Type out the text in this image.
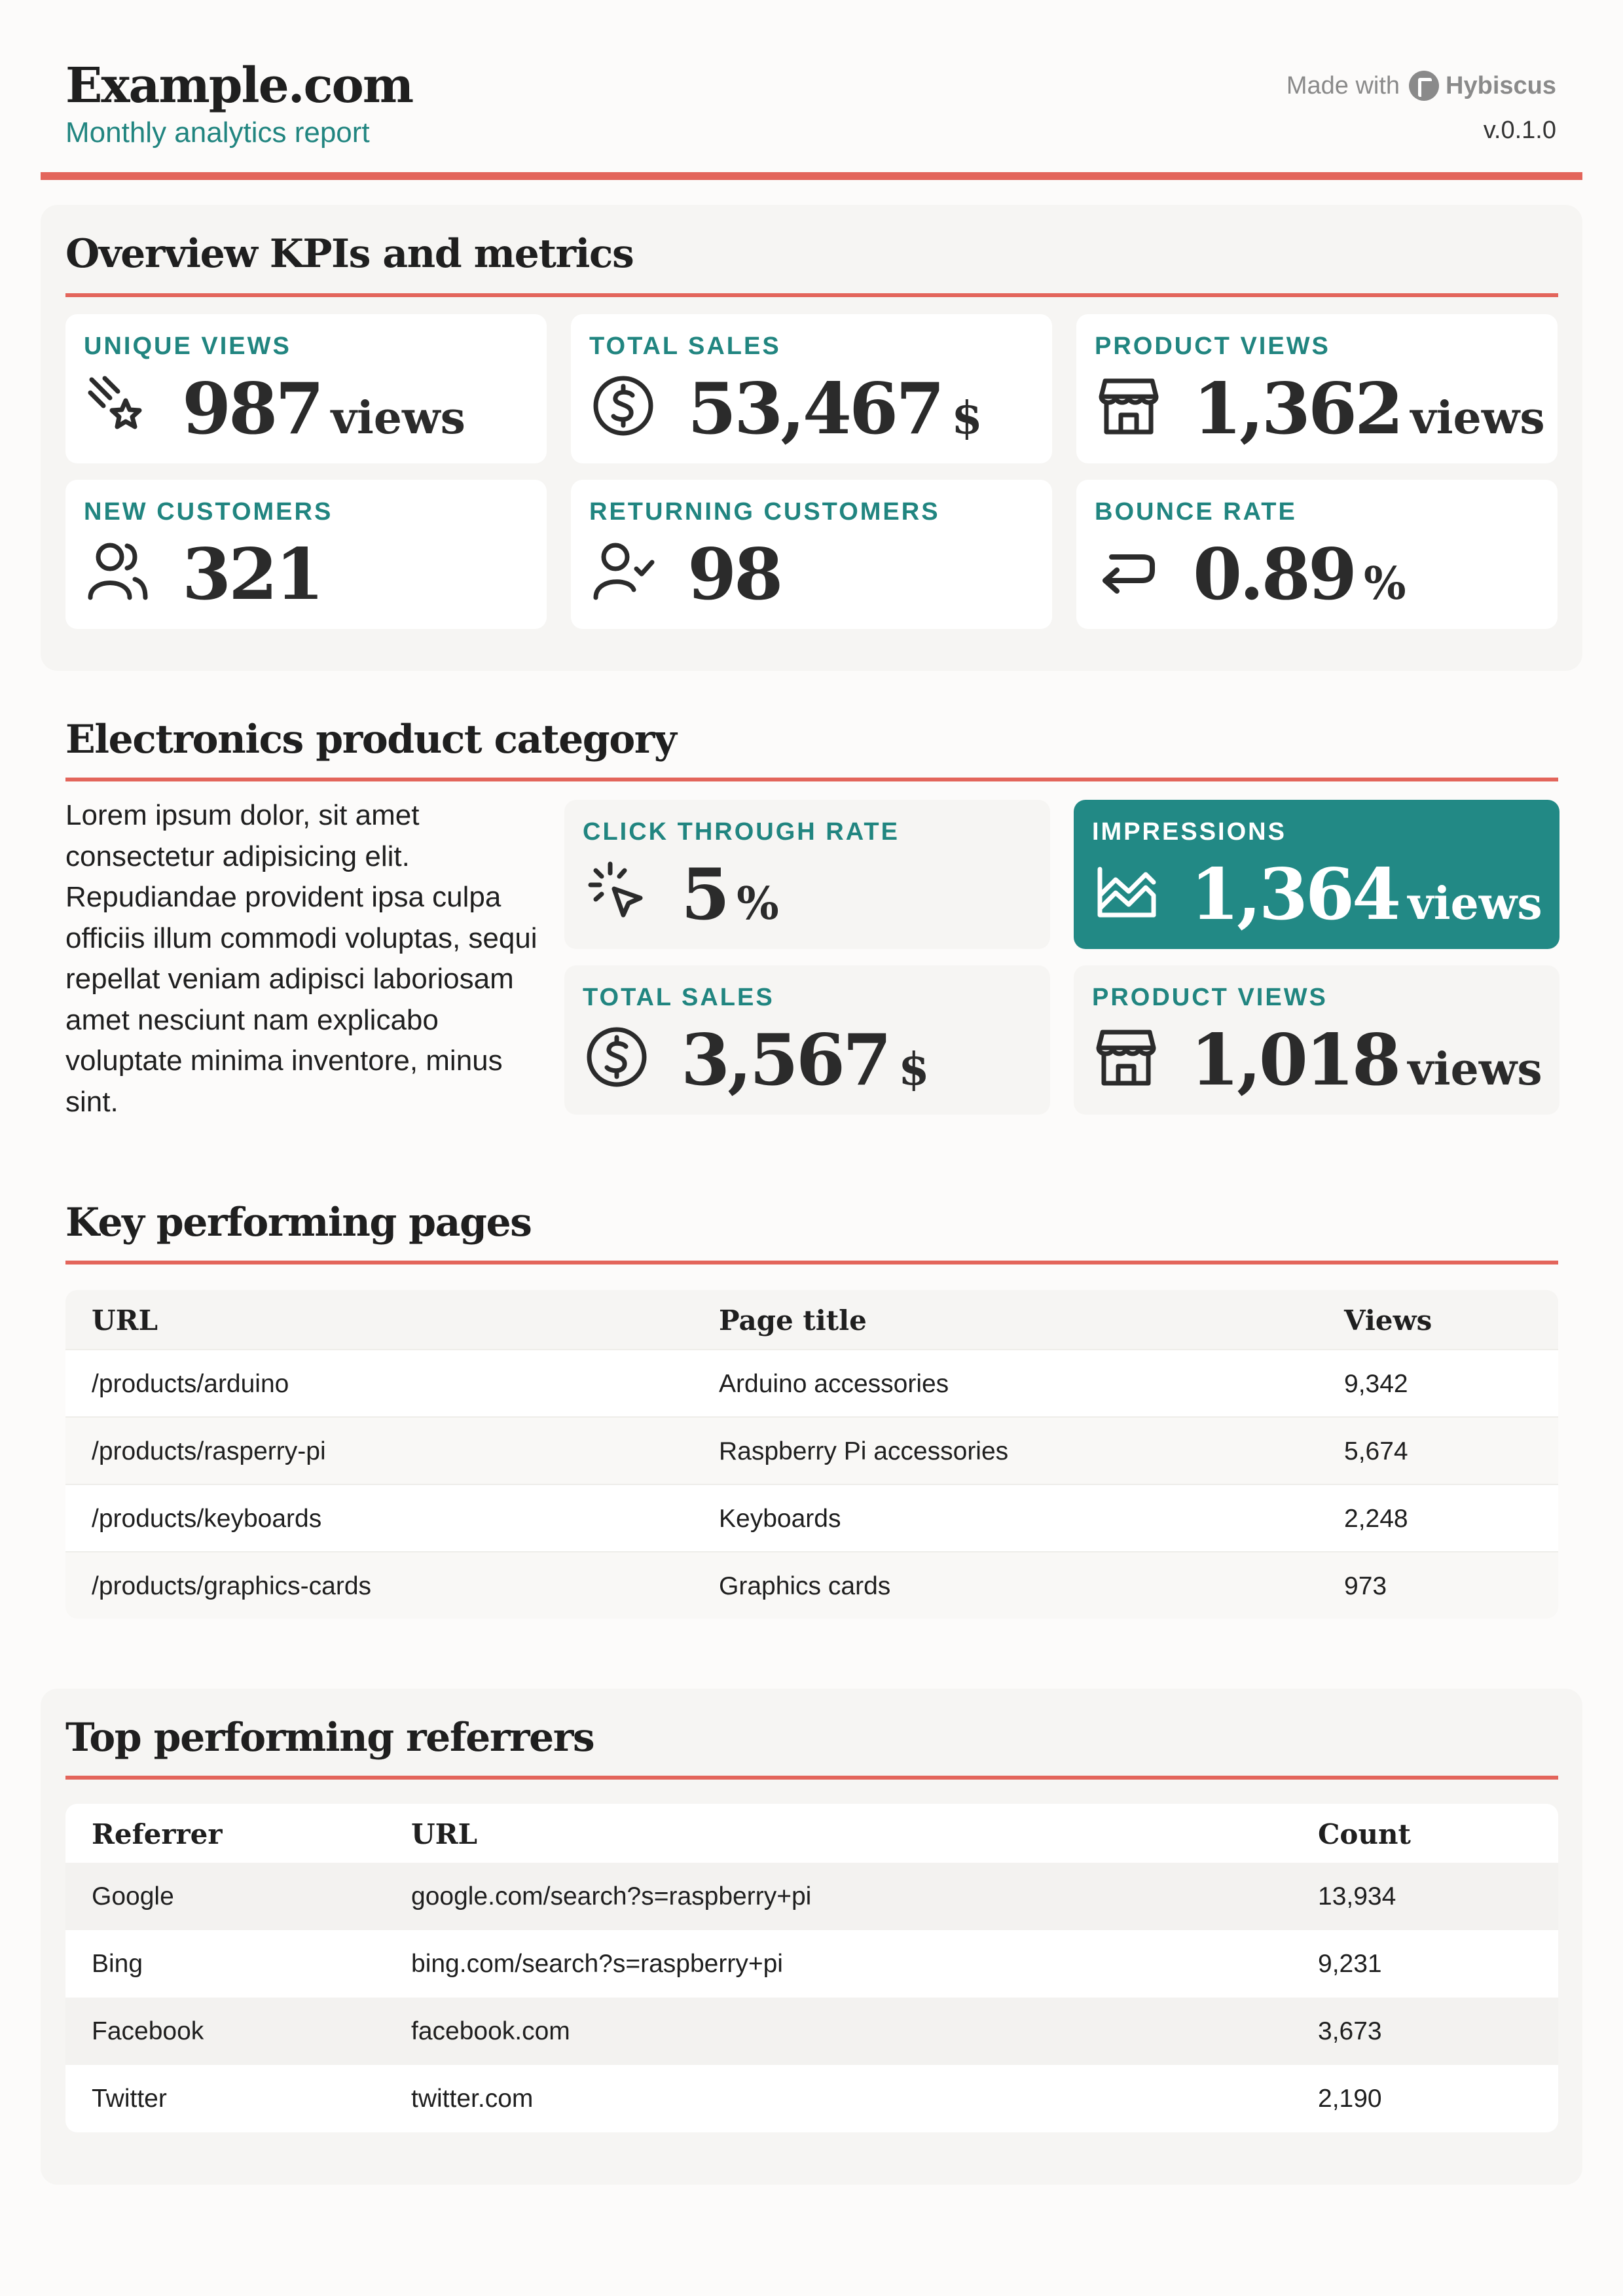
Example.com
Monthly analytics report
Made with Hybiscus
v.0.1.0
Overview KPIs and metrics
UNIQUE VIEWS
987 views
TOTAL SALES
53,467 $
PRODUCT VIEWS
1,362 views
NEW CUSTOMERS
321
RETURNING CUSTOMERS
98
BOUNCE RATE
0.89 %
Electronics product category
Lorem ipsum dolor, sit amet consectetur adipisicing elit. Repudiandae provident ipsa culpa officiis illum commodi voluptas, sequi repellat veniam adipisci laboriosam amet nesciunt nam explicabo voluptate minima inventore, minus sint.
CLICK THROUGH RATE
5 %
IMPRESSIONS
1,364 views
TOTAL SALES
3,567 $
PRODUCT VIEWS
1,018 views
Key performing pages
URL	Page title	Views
/products/arduino	Arduino accessories	9,342
/products/rasperry-pi	Raspberry Pi accessories	5,674
/products/keyboards	Keyboards	2,248
/products/graphics-cards	Graphics cards	973
Top performing referrers
Referrer	URL	Count
Google	google.com/search?s=raspberry+pi	13,934
Bing	bing.com/search?s=raspberry+pi	9,231
Facebook	facebook.com	3,673
Twitter	twitter.com	2,190
